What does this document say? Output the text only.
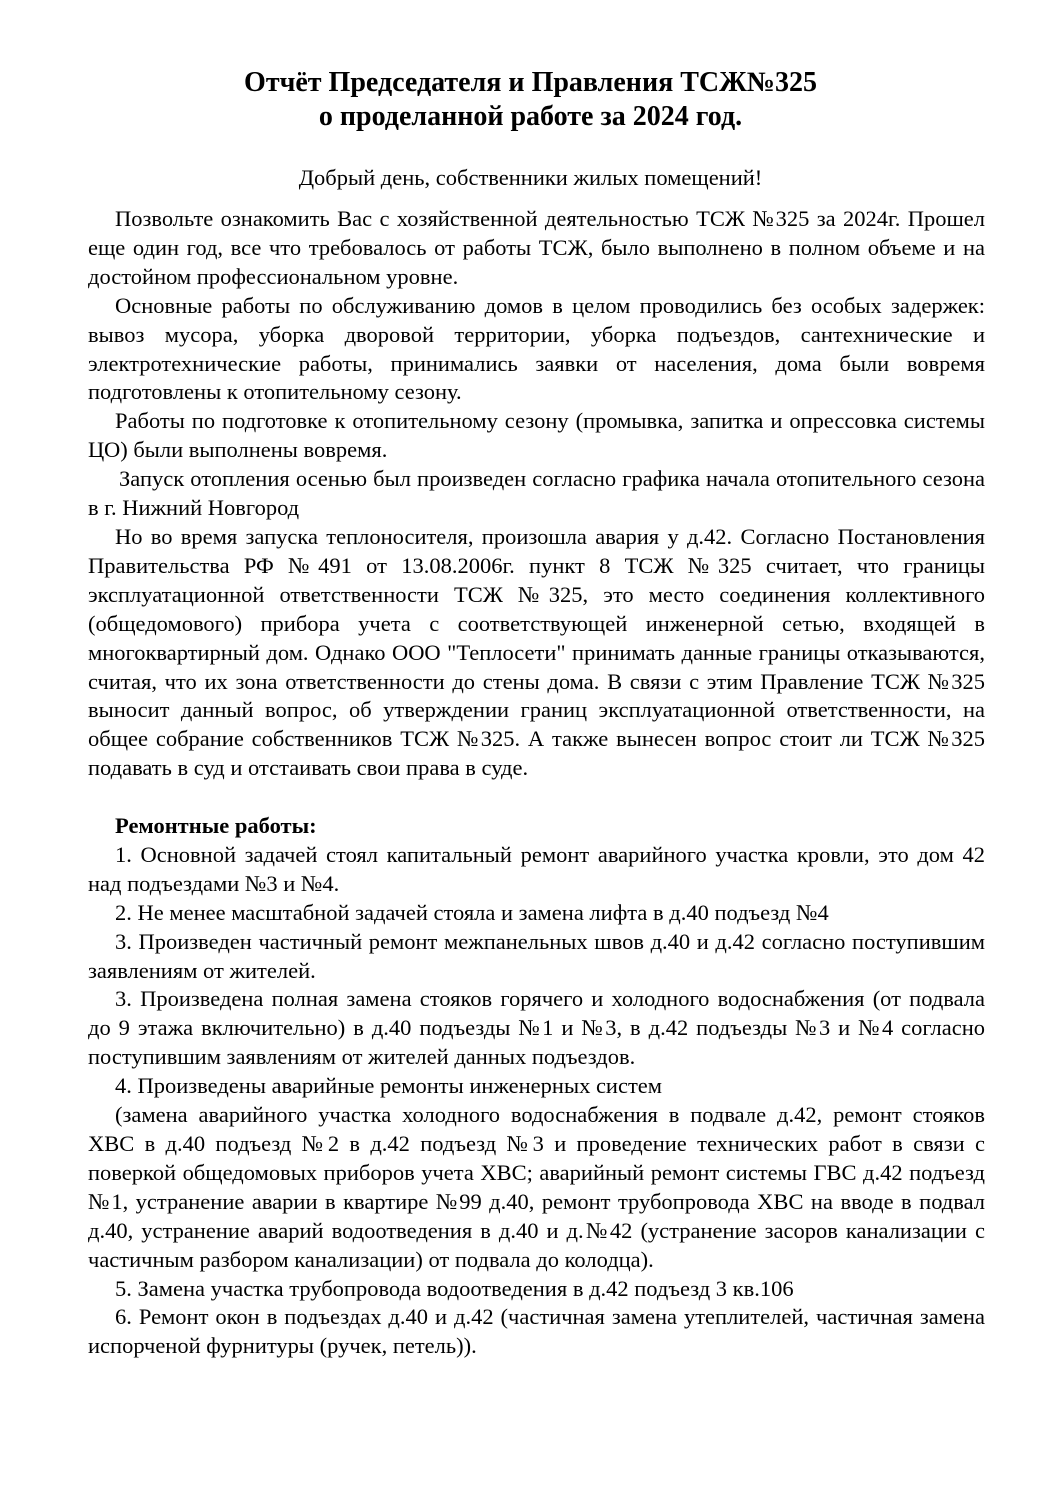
Отчёт Председателя и Правления ТСЖ№325
о проделанной работе за 2024 год.
Добрый день, собственники жилых помещений!

Позвольте ознакомить Вас с хозяйственной деятельностью ТСЖ №325 за 2024г. Прошел еще один год, все что требовалось от работы ТСЖ, было выполнено в полном объеме и на достойном профессиональном уровне.

Основные работы по обслуживанию домов в целом проводились без особых задержек: вывоз мусора, уборка дворовой территории, уборка подъездов, сантехнические и электротехнические работы, принимались заявки от населения, дома были вовремя подготовлены к отопительному сезону.

Работы по подготовке к отопительному сезону (промывка, запитка и опрессовка системы ЦО) были выполнены вовремя.

Запуск отопления осенью был произведен согласно графика начала отопительного сезона в г. Нижний Новгород

Но во время запуска теплоносителя, произошла авария у д.42. Согласно Постановления Правительства РФ №491 от 13.08.2006г. пункт 8 ТСЖ №325 считает, что границы эксплуатационной ответственности ТСЖ №325, это место соединения коллективного (общедомового) прибора учета с соответствующей инженерной сетью, входящей в многоквартирный дом. Однако ООО "Теплосети" принимать данные границы отказываются, считая, что их зона ответственности до стены дома. В связи с этим Правление ТСЖ №325 выносит данный вопрос, об утверждении границ эксплуатационной ответственности, на общее собрание собственников ТСЖ №325. А также вынесен вопрос стоит ли ТСЖ №325 подавать в суд и отстаивать свои права в суде.

Ремонтные работы:

1. Основной задачей стоял капитальный ремонт аварийного участка кровли, это дом 42 над подъездами №3 и №4.

2. Не менее масштабной задачей стояла и замена лифта в д.40 подъезд №4

3. Произведен частичный ремонт межпанельных швов д.40 и д.42 согласно поступившим заявлениям от жителей.

3. Произведена полная замена стояков горячего и холодного водоснабжения (от подвала до 9 этажа включительно) в д.40 подъезды №1 и №3, в д.42 подъезды №3 и №4 согласно поступившим заявлениям от жителей данных подъездов.

4. Произведены аварийные ремонты инженерных систем

(замена аварийного участка холодного водоснабжения в подвале д.42, ремонт стояков ХВС в д.40 подъезд №2 в д.42 подъезд №3 и проведение технических работ в связи с поверкой общедомовых приборов учета ХВС; аварийный ремонт системы ГВС д.42 подъезд №1, устранение аварии в квартире №99 д.40, ремонт трубопровода ХВС на вводе в подвал д.40, устранение аварий водоотведения в д.40 и д.№42 (устранение засоров канализации с частичным разбором канализации) от подвала до колодца).

5. Замена участка трубопровода водоотведения в д.42 подъезд 3 кв.106

6. Ремонт окон в подъездах д.40 и д.42 (частичная замена утеплителей, частичная замена испорченой фурнитуры (ручек, петель)).
